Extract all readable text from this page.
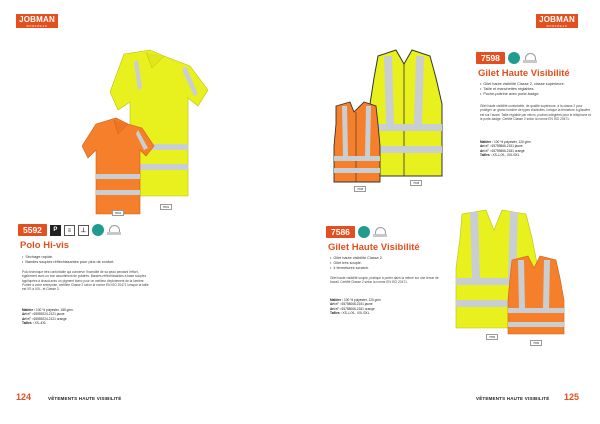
JOBMAN
WORKWEAR
5592
5591
5592	P	≡	⊥
Polo Hi-vis
• Séchage rapide.
• Bandes souples réfléchissantes pour plus de confort.

Polo technique très confortable qui conserve l'humidité de sa peau pendant l'effort, également avec un bon assortiment de polaires. Bandes réfléchissantes à base souples appliquées à chaud avec un pigment blanc pour un meilleur déploiement de la lumière. Portée à votre entreprise, certifiée Classe 2 selon la norme EN ISO 20471 lorsque la taille est XS à XXL, et Classe 3.

Matière : 100 % polyester, 185 g/m².
Art n° : 65559224-2121 jaune
Art n° : 65559224-2121 orange
Tailles : XS–4XL
124	VÊTEMENTS HAUTE VISIBILITÉ
JOBMAN
WORKWEAR
7598
7598
7598
Gilet Haute Visibilité
• Gilet haute visibilité Classe 2, classe supérieure.
• Taille et manchettes réglables.
• Poche-poitrine avec porte-badge.

Gilet haute visibilité confortable, de qualité supérieure, à la classe 2 pour protéger un grand nombre de types d'activités, lorsque la fermeture à glissière est sur l'avant. Taille réglable par velcro, poches intégrées pour le téléphone et le porte-badge. Certifié Classe 2 selon la norme EN ISO 20471.

Matière : 100 % polyester, 120 g/m²
Art n° : 65759866-2151 jaune
Art n° : 65759866-2181 orange
Tailles : XS–L/XL, XXL/3XL
7586
Gilet Haute Visibilité
• Gilet haute visibilité Classe 2.
• Gilet très souple.
• 4 fermetures scratch.

Gilet haute visibilité souple, pratique à porter dans la même sur une tenue de travail. Certifié Classe 2 selon la norme EN ISO 20471.

Matière : 100 % polyester, 120 g/m²
Art n° : 65758066-2151 jaune
Art n° : 65758066-2181 orange
Tailles : XS–L/XL, XXL/3XL
7586
7586
VÊTEMENTS HAUTE VISIBILITÉ 125
